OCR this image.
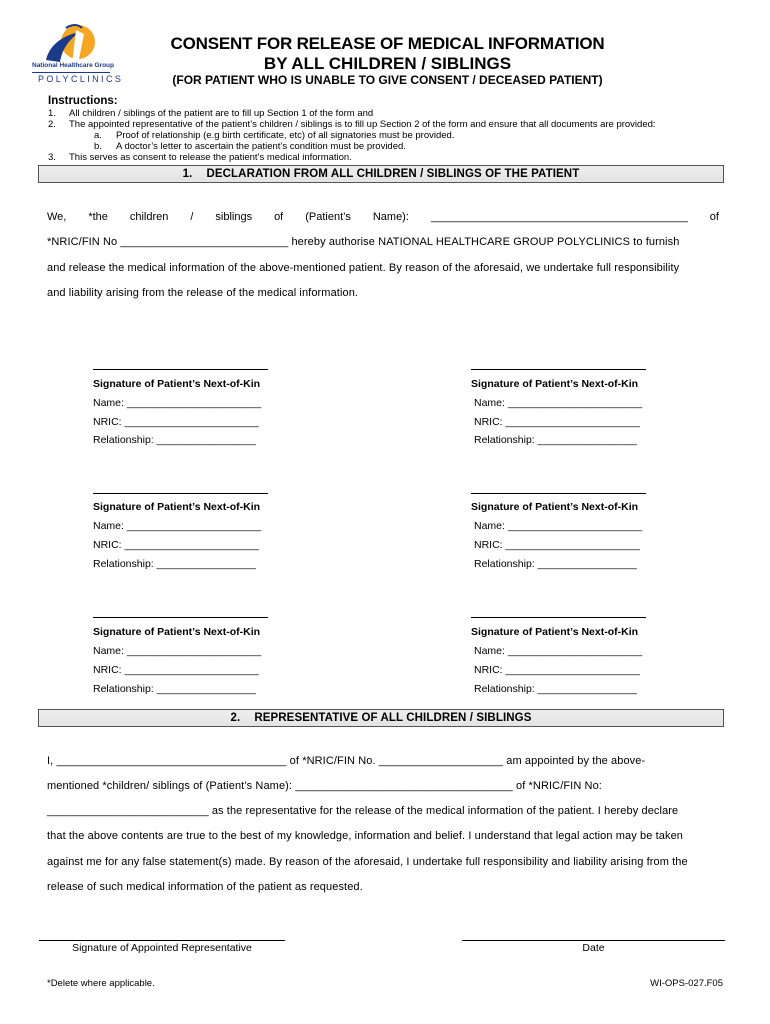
National Healthcare Group
POLYCLINICS
CONSENT FOR RELEASE OF MEDICAL INFORMATION
BY ALL CHILDREN / SIBLINGS
(FOR PATIENT WHO IS UNABLE TO GIVE CONSENT / DECEASED PATIENT)
Instructions:
1. All children / siblings of the patient are to fill up Section 1 of the form and
2. The appointed representative of the patient’s children / siblings is to fill up Section 2 of the form and ensure that all documents are provided:
a. Proof of relationship (e.g birth certificate, etc) of all signatories must be provided.
b. A doctor’s letter to ascertain the patient’s condition must be provided.
3. This serves as consent to release the patient’s medical information.
1. DECLARATION FROM ALL CHILDREN / SIBLINGS OF THE PATIENT
We, *the children / siblings of (Patient’s Name): __________________________________________ of
*NRIC/FIN No ___________________________ hereby authorise NATIONAL HEALTHCARE GROUP POLYCLINICS to furnish
and release the medical information of the above-mentioned patient. By reason of the aforesaid, we undertake full responsibility
and liability arising from the release of the medical information.
Signature of Patient’s Next-of-Kin
Name: _______________________
NRIC: _______________________
Relationship: _________________
Signature of Patient’s Next-of-Kin
Name: _______________________
NRIC: _______________________
Relationship: _________________
Signature of Patient’s Next-of-Kin
Name: _______________________
NRIC: _______________________
Relationship: _________________
Signature of Patient’s Next-of-Kin
Name: _______________________
NRIC: _______________________
Relationship: _________________
Signature of Patient’s Next-of-Kin
Name: _______________________
NRIC: _______________________
Relationship: _________________
Signature of Patient’s Next-of-Kin
Name: _______________________
NRIC: _______________________
Relationship: _________________
2. REPRESENTATIVE OF ALL CHILDREN / SIBLINGS
I, _____________________________________ of *NRIC/FIN No. ____________________ am appointed by the above-
mentioned *children/ siblings of (Patient’s Name): ___________________________________ of *NRIC/FIN No:
__________________________ as the representative for the release of the medical information of the patient. I hereby declare
that the above contents are true to the best of my knowledge, information and belief. I understand that legal action may be taken
against me for any false statement(s) made. By reason of the aforesaid, I undertake full responsibility and liability arising from the
release of such medical information of the patient as requested.
Signature of Appointed Representative	Date
*Delete where applicable.	WI-OPS-027.F05
